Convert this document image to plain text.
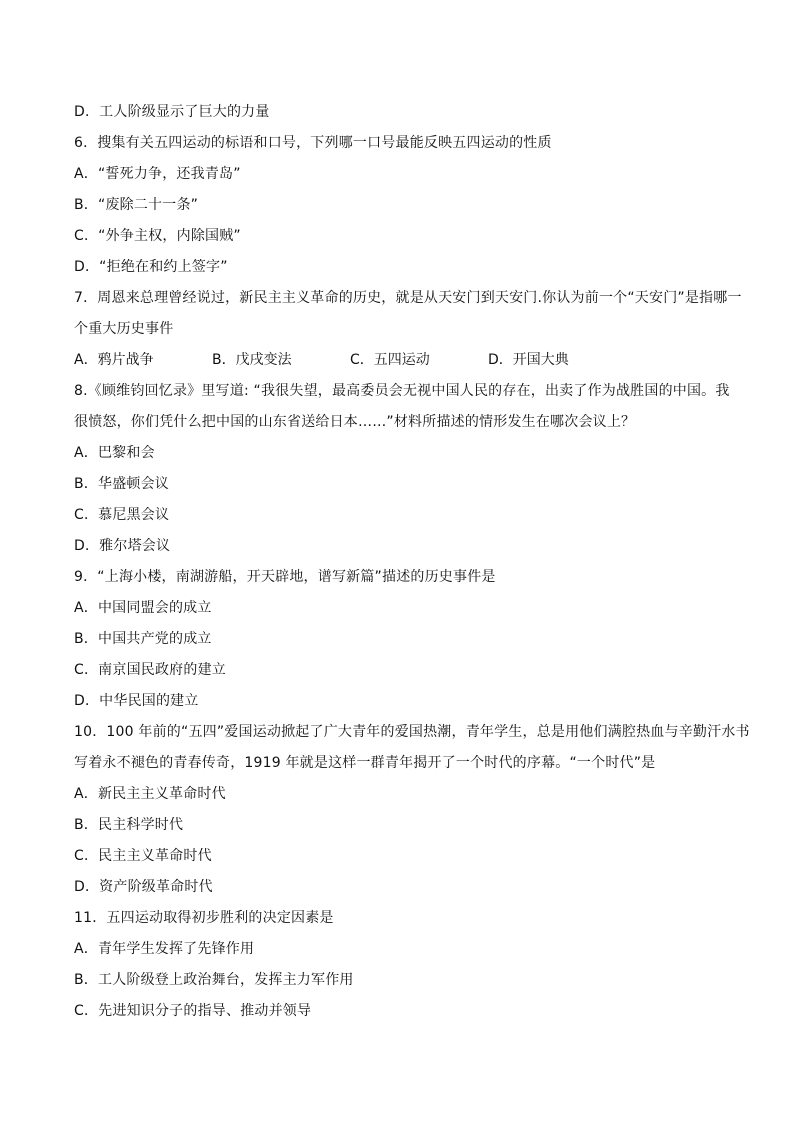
D．工人阶级显示了巨大的力量
6．搜集有关五四运动的标语和口号，下列哪一口号最能反映五四运动的性质
A．“誓死力争，还我青岛”
B．“废除二十一条”
C．“外争主权，内除国贼”
D．“拒绝在和约上签字”
7．周恩来总理曾经说过，新民主主义革命的历史，就是从天安门到天安门.你认为前一个“天安门”是指哪一
个重大历史事件
A．鸦片战争	B．戊戌变法	C．五四运动	D．开国大典
8.《顾维钧回忆录》里写道: “我很失望，最高委员会无视中国人民的存在，出卖了作为战胜国的中国。我
很愤怒，你们凭什么把中国的山东省送给日本……”材料所描述的情形发生在哪次会议上？
A．巴黎和会
B．华盛顿会议
C．慕尼黑会议
D．雅尔塔会议
9．“上海小楼，南湖游船，开天辟地，谱写新篇”描述的历史事件是
A．中国同盟会的成立
B．中国共产党的成立
C．南京国民政府的建立
D．中华民国的建立
10．100 年前的“五四”爱国运动掀起了广大青年的爱国热潮，青年学生，总是用他们满腔热血与辛勤汗水书
写着永不褪色的青春传奇，1919 年就是这样一群青年揭开了一个时代的序幕。“一个时代”是
A．新民主主义革命时代
B．民主科学时代
C．民主主义革命时代
D．资产阶级革命时代
11．五四运动取得初步胜利的决定因素是
A．青年学生发挥了先锋作用
B．工人阶级登上政治舞台，发挥主力军作用
C．先进知识分子的指导、推动并领导
